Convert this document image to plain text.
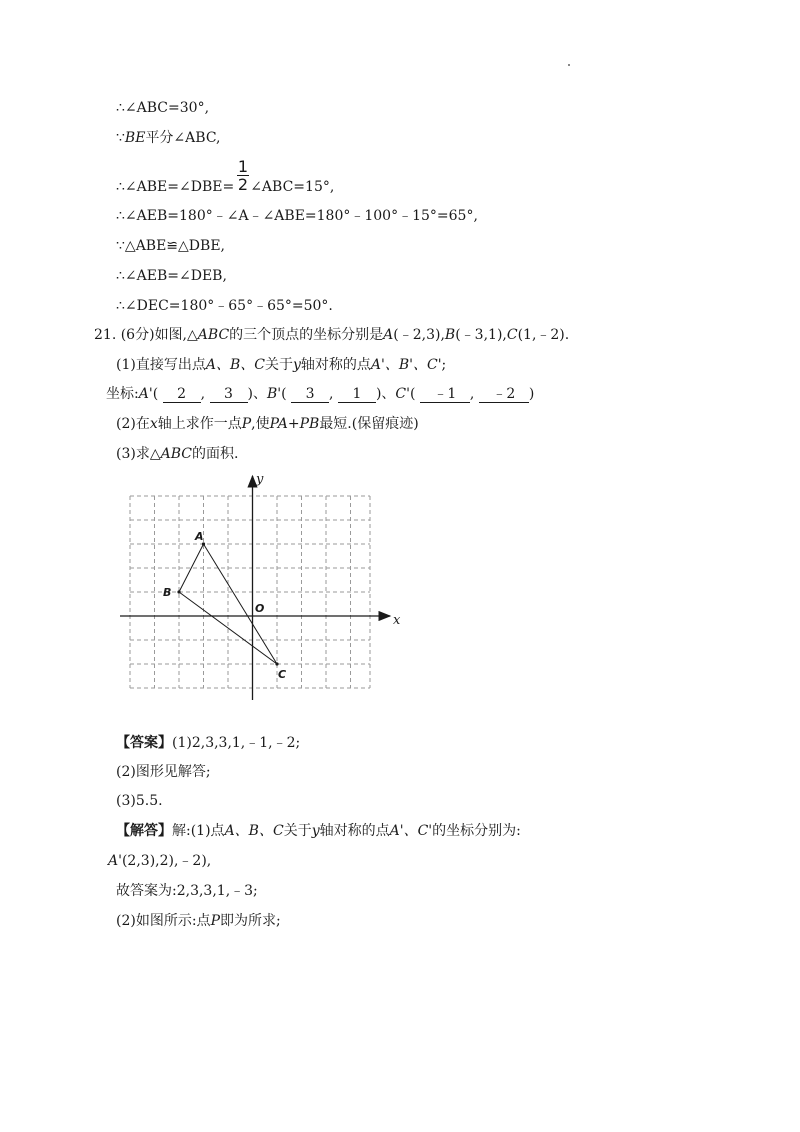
∴∠ABC=30°,
∵BE平分∠ABC,
1
2
∴∠ABE=∠DBE= ∠ABC=15°,
∴∠AEB=180°﹣∠A﹣∠ABE=180°﹣100°﹣15°=65°,
∵△ABE≌△DBE,
∴∠AEB=∠DEB,
∴∠DEC=180°﹣65°﹣65°=50°.
21. (6分)如图,△ABC的三个顶点的坐标分别是A(﹣2,3),B(﹣3,1),C(1,﹣2).
(1)直接写出点A、B、C关于y轴对称的点A'、B'、C';
坐标:A'( 2 , 3 )、B'( 3 , 1 )、C'( ﹣1 , ﹣2 )
(2)在x轴上求作一点P,使PA+PB最短.(保留痕迹)
(3)求△ABC的面积.
x
y
O
A
B
C
【答案】(1)2,3,3,1,﹣1,﹣2;
(2)图形见解答;
(3)5.5.
【解答】解:(1)点A、B、C关于y轴对称的点A'、C'的坐标分别为:
A'(2,3),2),﹣2),
故答案为:2,3,3,1,﹣3;
(2)如图所示:点P即为所求;
